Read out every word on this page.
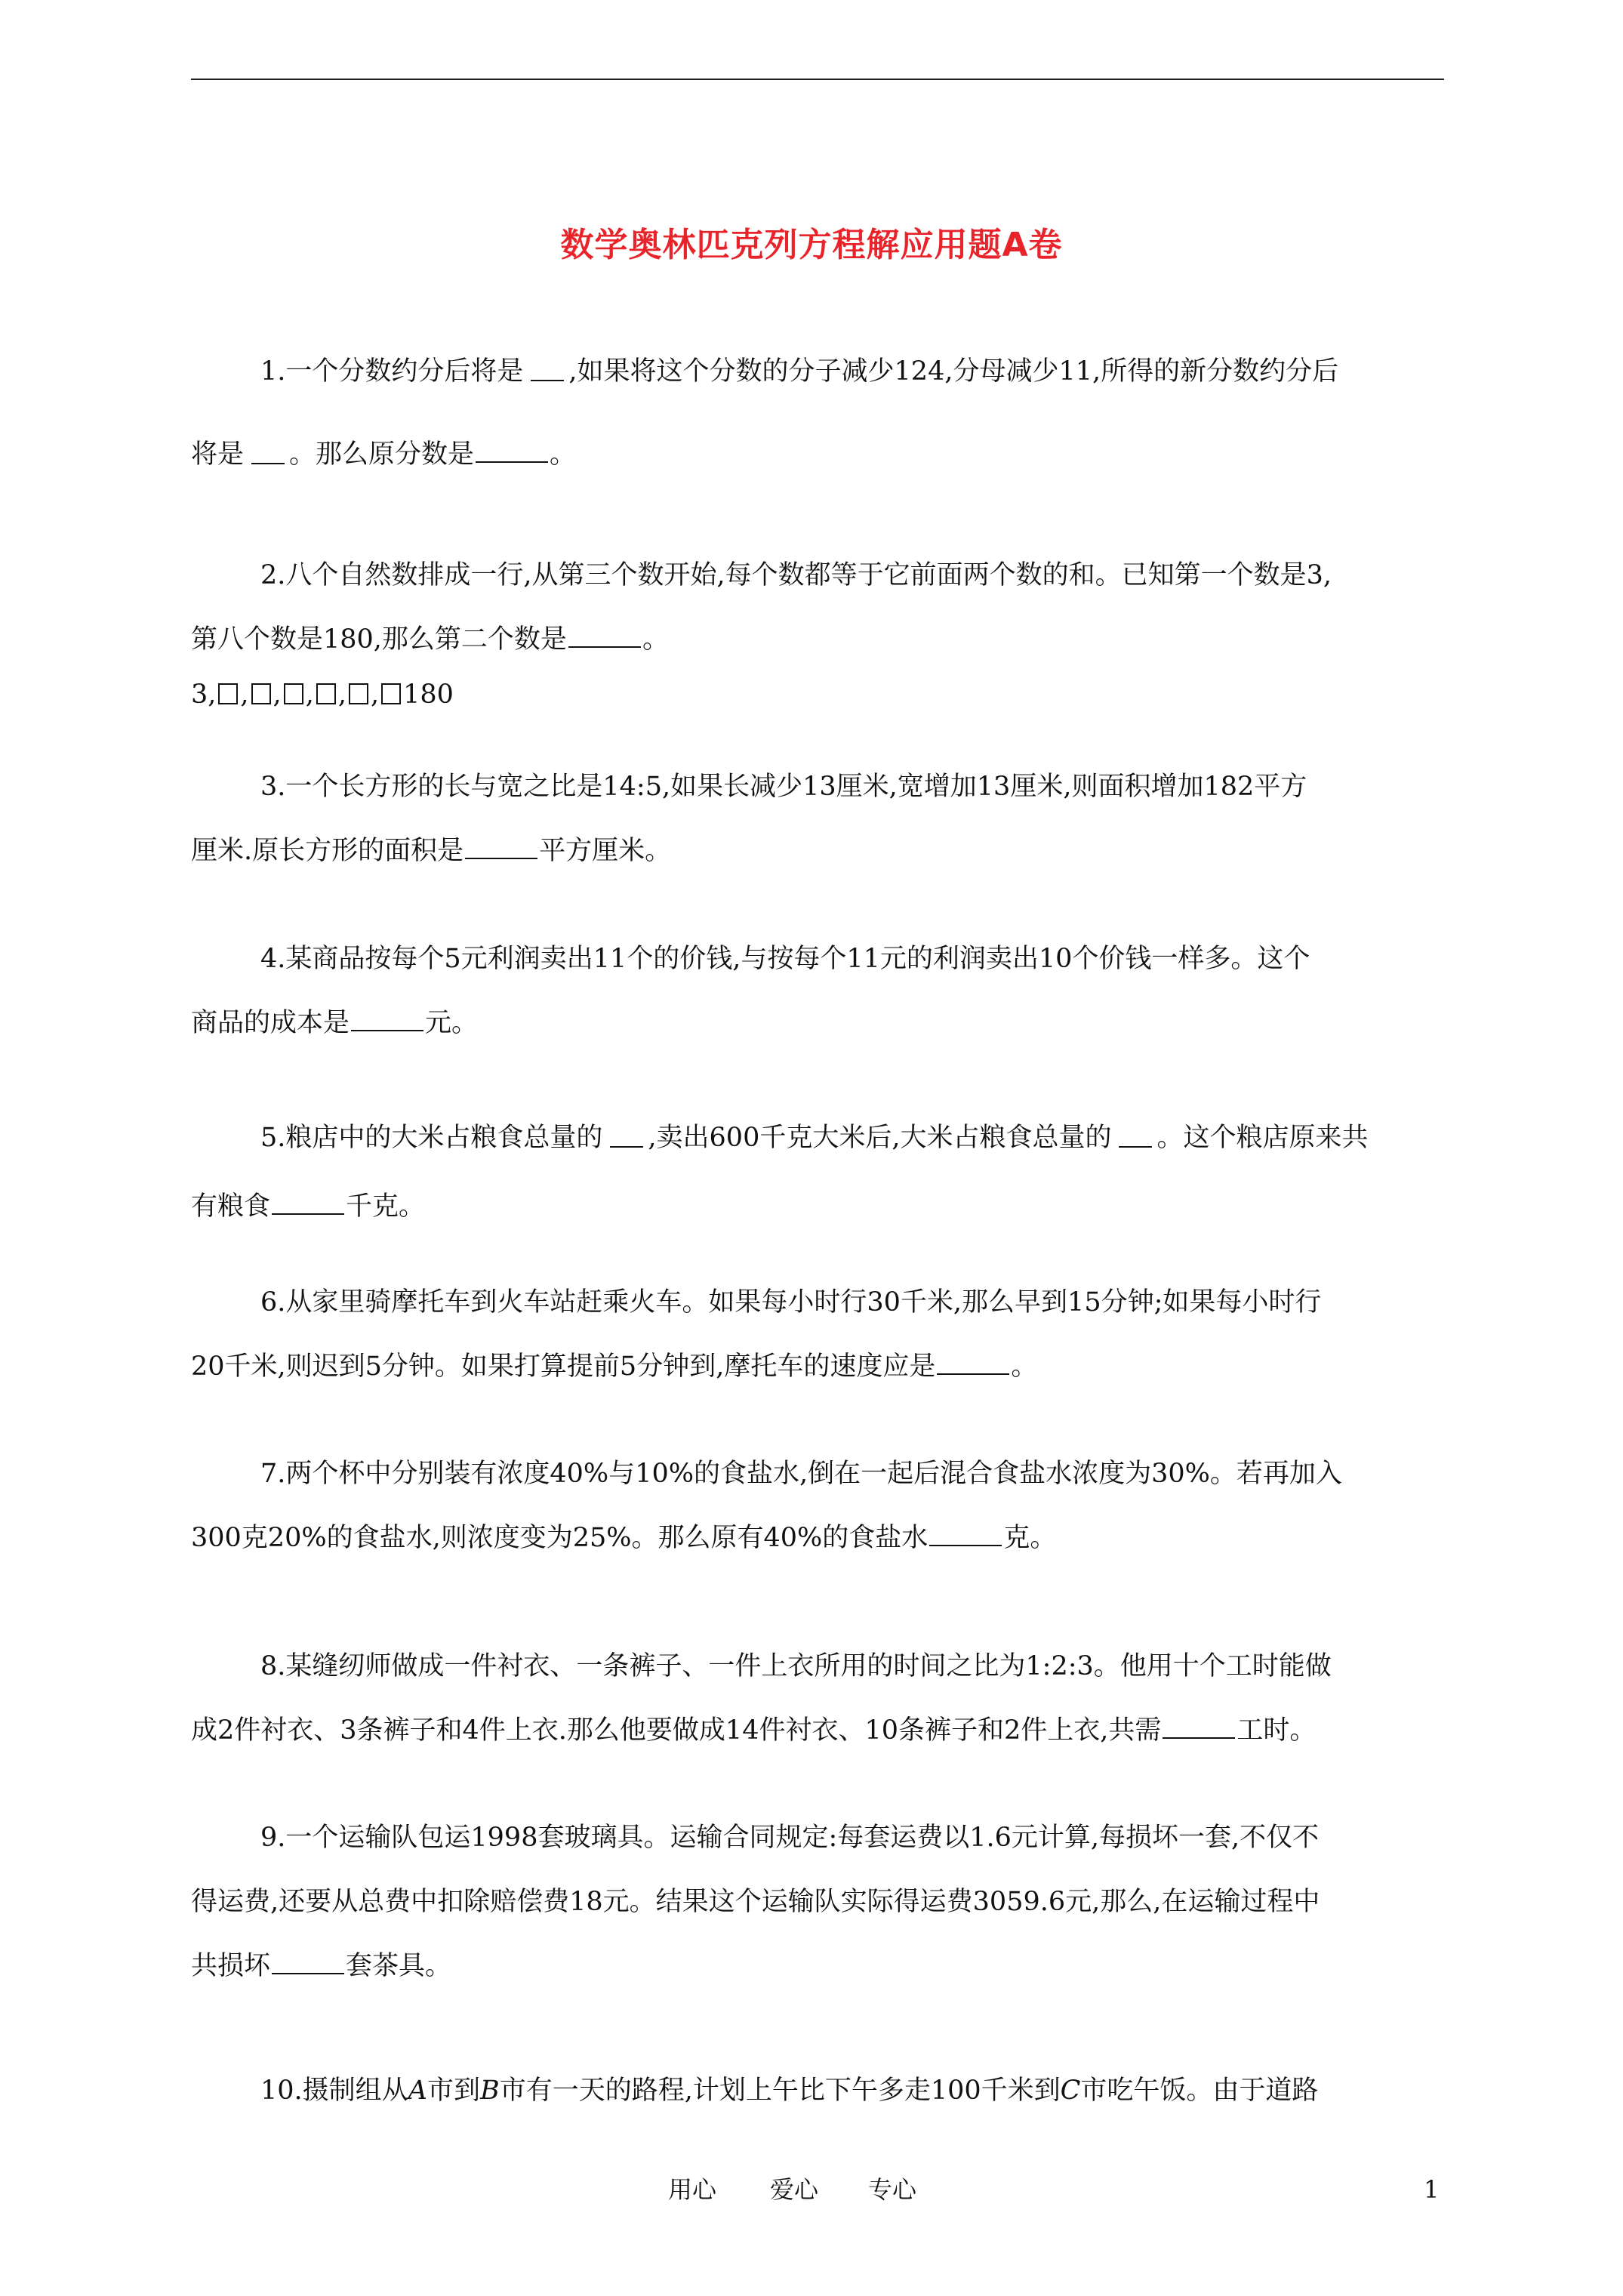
数学奥林匹克列方程解应用题A卷
1.一个分数约分后将是 ,如果将这个分数的分子减少124,分母减少11,所得的新分数约分后
将是 。那么原分数是	。
2.八个自然数排成一行,从第三个数开始,每个数都等于它前面两个数的和。已知第一个数是3,
第八个数是180,那么第二个数是	。
3, , , , , , 180
3.一个长方形的长与宽之比是14:5,如果长减少13厘米,宽增加13厘米,则面积增加182平方
厘米.原长方形的面积是	平方厘米。
4.某商品按每个5元利润卖出11个的价钱,与按每个11元的利润卖出10个价钱一样多。这个
商品的成本是	元。
5.粮店中的大米占粮食总量的 ,卖出600千克大米后,大米占粮食总量的 。这个粮店原来共
有粮食	千克。
6.从家里骑摩托车到火车站赶乘火车。如果每小时行30千米,那么早到15分钟;如果每小时行
20千米,则迟到5分钟。如果打算提前5分钟到,摩托车的速度应是	。
7.两个杯中分别装有浓度40%与10%的食盐水,倒在一起后混合食盐水浓度为30%。若再加入
300克20%的食盐水,则浓度变为25%。那么原有40%的食盐水	克。
8.某缝纫师做成一件衬衣、一条裤子、一件上衣所用的时间之比为1:2:3。他用十个工时能做
成2件衬衣、3条裤子和4件上衣.那么他要做成14件衬衣、10条裤子和2件上衣,共需	工时。
9.一个运输队包运1998套玻璃具。运输合同规定:每套运费以1.6元计算,每损坏一套,不仅不
得运费,还要从总费中扣除赔偿费18元。结果这个运输队实际得运费3059.6元,那么,在运输过程中
共损坏	套茶具。
10.摄制组从A市到B市有一天的路程,计划上午比下午多走100千米到C市吃午饭。由于道路
用心 爱心 专心	1
